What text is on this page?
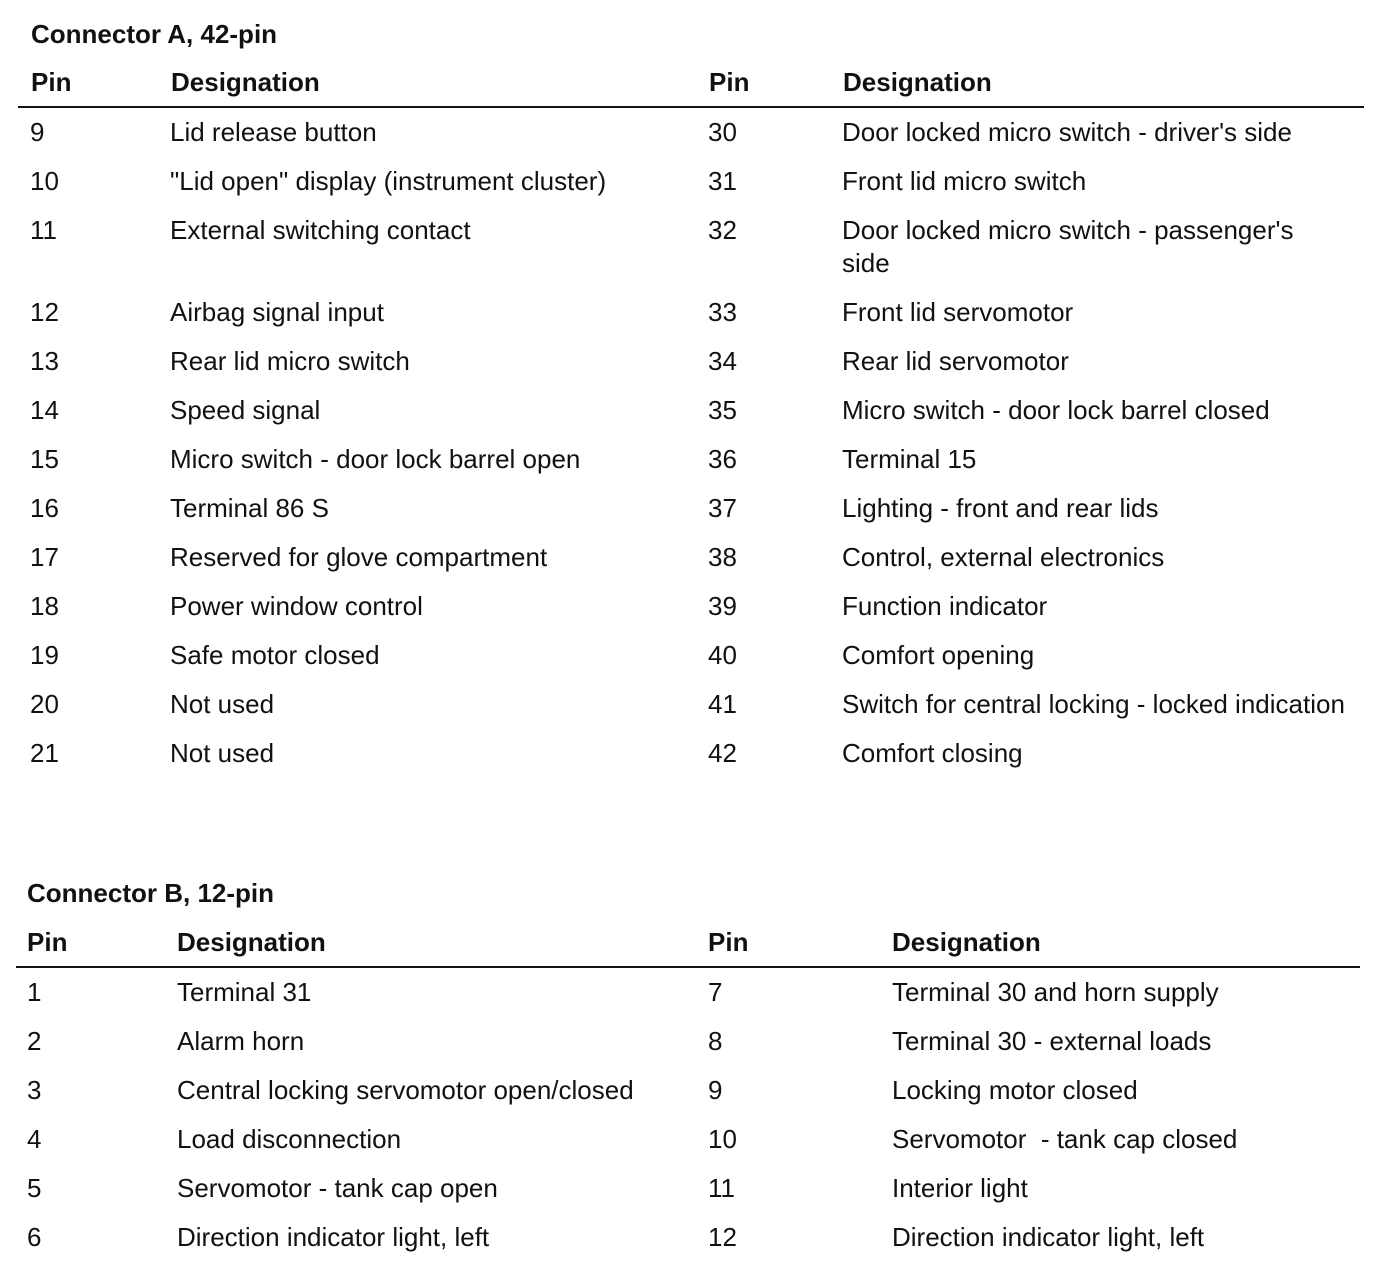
Connector A, 42-pin
Pin	Designation	Pin	Designation
9	Lid release button	30	Door locked micro switch - driver's side
10	"Lid open" display (instrument cluster)	31	Front lid micro switch
11	External switching contact	32	Door locked micro switch - passenger's side
12	Airbag signal input	33	Front lid servomotor
13	Rear lid micro switch	34	Rear lid servomotor
14	Speed signal	35	Micro switch - door lock barrel closed
15	Micro switch - door lock barrel open	36	Terminal 15
16	Terminal 86 S	37	Lighting - front and rear lids
17	Reserved for glove compartment	38	Control, external electronics
18	Power window control	39	Function indicator
19	Safe motor closed	40	Comfort opening
20	Not used	41	Switch for central locking - locked indication
21	Not used	42	Comfort closing
Connector B, 12-pin
Pin	Designation	Pin	Designation
1	Terminal 31	7	Terminal 30 and horn supply
2	Alarm horn	8	Terminal 30 - external loads
3	Central locking servomotor open/closed	9	Locking motor closed
4	Load disconnection	10	Servomotor  - tank cap closed
5	Servomotor - tank cap open	11	Interior light
6	Direction indicator light, left	12	Direction indicator light, left
